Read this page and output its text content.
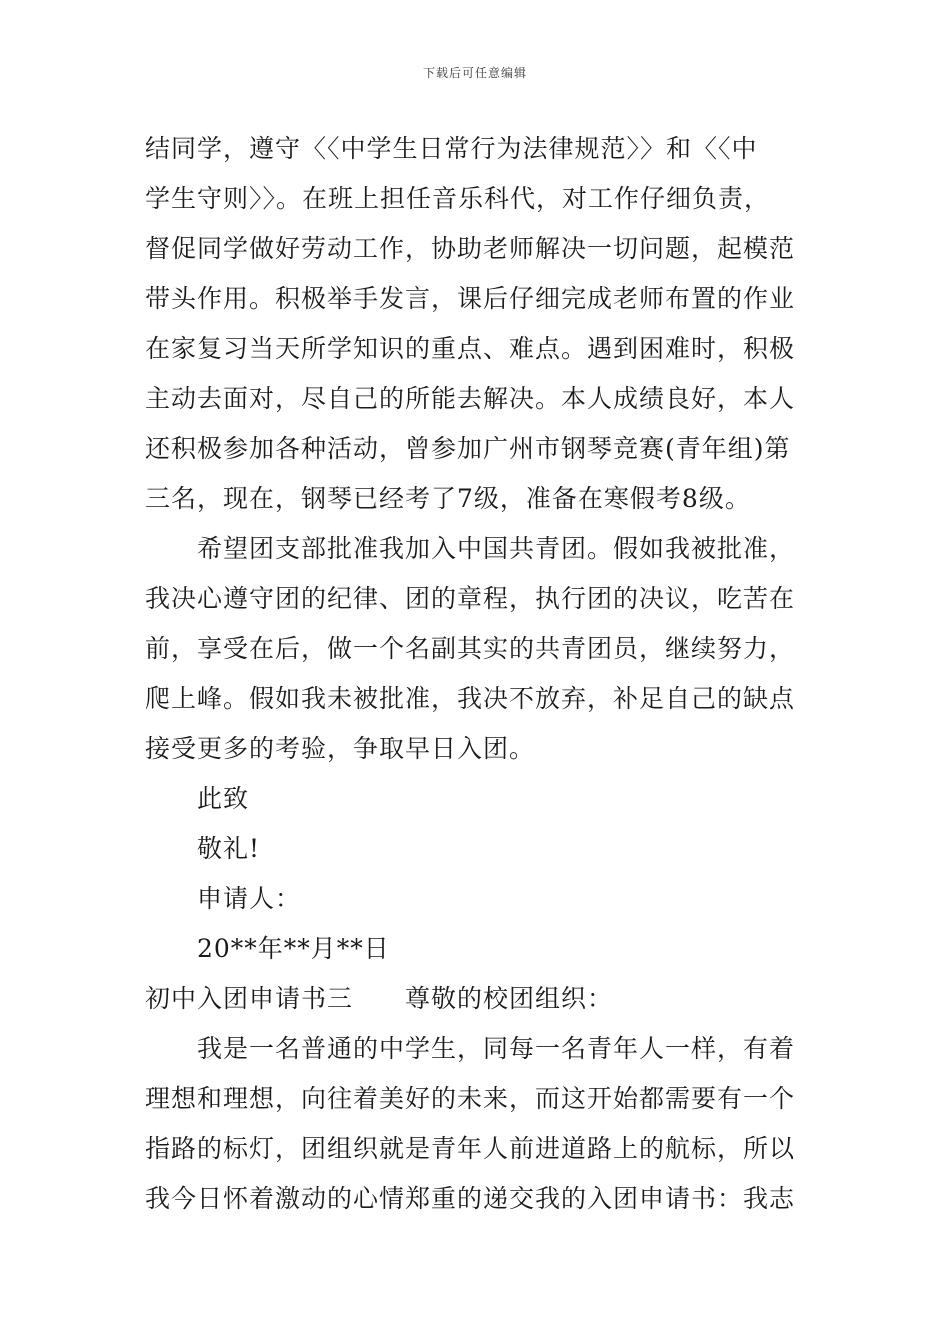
下载后可任意编辑
结同学，遵守〈〈中学生日常行为法律规范〉〉和〈〈中
学生守则〉〉。在班上担任音乐科代，对工作仔细负责，
督促同学做好劳动工作，协助老师解决一切问题，起模范
带头作用。积极举手发言，课后仔细完成老师布置的作业
在家复习当天所学知识的重点、难点。遇到困难时，积极
主动去面对，尽自己的所能去解决。本人成绩良好，本人
还积极参加各种活动，曾参加广州市钢琴竞赛(青年组)第
三名，现在，钢琴已经考了7级，准备在寒假考8级。
希望团支部批准我加入中国共青团。假如我被批准，
我决心遵守团的纪律、团的章程，执行团的决议，吃苦在
前，享受在后，做一个名副其实的共青团员，继续努力，
爬上峰。假如我未被批准，我决不放弃，补足自己的缺点
接受更多的考验，争取早日入团。
此致
敬礼!
申请人：
20**年**月**日
初中入团申请书三 尊敬的校团组织：
我是一名普通的中学生，同每一名青年人一样，有着
理想和理想，向往着美好的未来，而这开始都需要有一个
指路的标灯，团组织就是青年人前进道路上的航标，所以
我今日怀着激动的心情郑重的递交我的入团申请书：我志
